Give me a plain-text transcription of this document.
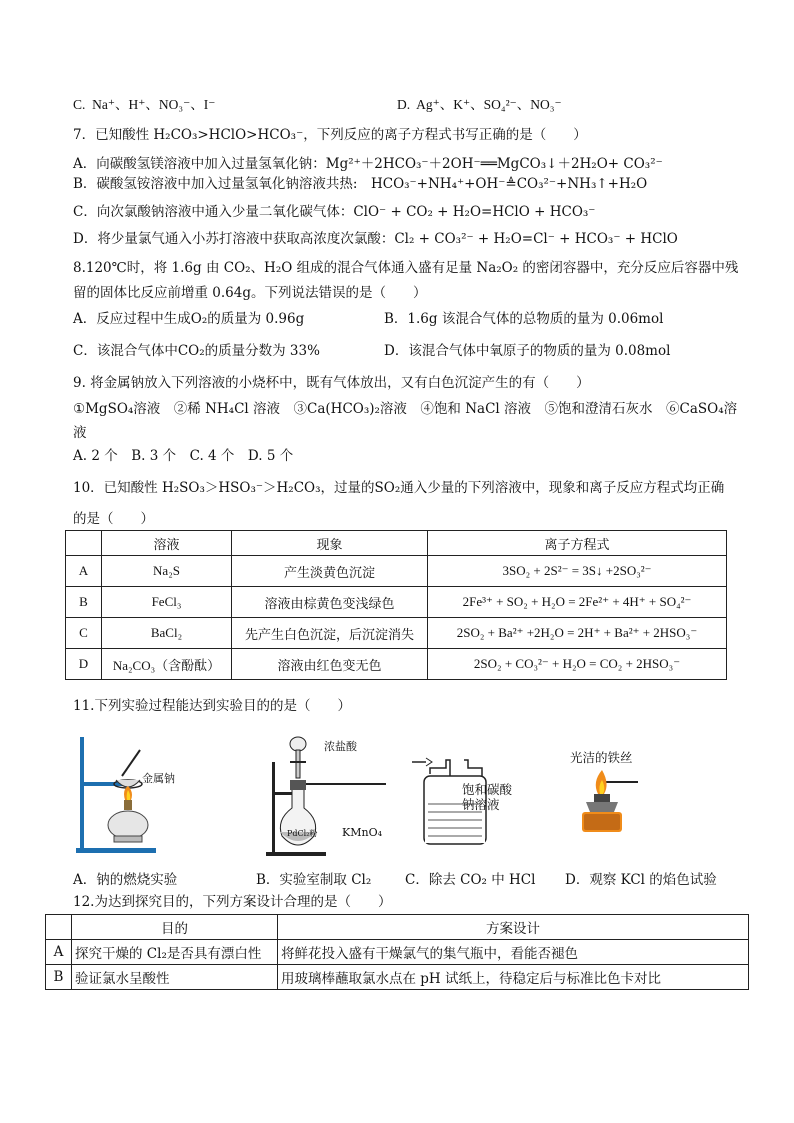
C. Na⁺、H⁺、NO₃⁻、I⁻	D. Ag⁺、K⁺、SO₄²⁻、NO₃⁻
7．已知酸性 H₂CO₃>HClO>HCO₃⁻，下列反应的离子方程式书写正确的是（　　）
A．向碳酸氢镁溶液中加入过量氢氧化钠：Mg²⁺＋2HCO₃⁻＋2OH⁻══MgCO₃↓＋2H₂O+ CO₃²⁻
B．碳酸氢铵溶液中加入过量氢氧化钠溶液共热:　HCO₃⁻+NH₄⁺+OH⁻≜CO₃²⁻+NH₃↑+H₂O
C．向次氯酸钠溶液中通入少量二氧化碳气体：ClO⁻ + CO₂ + H₂O=HClO + HCO₃⁻
D．将少量氯气通入小苏打溶液中获取高浓度次氯酸：Cl₂ + CO₃²⁻ + H₂O=Cl⁻ + HCO₃⁻ + HClO
8.120℃时，将 1.6g 由 CO₂、H₂O 组成的混合气体通入盛有足量 Na₂O₂ 的密闭容器中，充分反应后容器中残
留的固体比反应前增重 0.64g。下列说法错误的是（　　）
A．反应过程中生成O₂的质量为 0.96g	B．1.6g 该混合气体的总物质的量为 0.06mol
C．该混合气体中CO₂的质量分数为 33%	D．该混合气体中氧原子的物质的量为 0.08mol
9. 将金属钠放入下列溶液的小烧杯中，既有气体放出，又有白色沉淀产生的有（　　）
①MgSO₄溶液　②稀 NH₄Cl 溶液　③Ca(HCO₃)₂溶液　④饱和 NaCl 溶液　⑤饱和澄清石灰水　⑥CaSO₄溶
液
A. 2 个　B. 3 个　C. 4 个　D. 5 个
10．已知酸性 H₂SO₃＞HSO₃⁻＞H₂CO₃，过量的SO₂通入少量的下列溶液中，现象和离子反应方程式均正确
的是（　　）
	溶液	现象	离子方程式
A	Na₂S	产生淡黄色沉淀	3SO₂ + 2S²⁻ = 3S↓ +2SO₃²⁻
B	FeCl₃	溶液由棕黄色变浅绿色	2Fe³⁺ + SO₂ + H₂O = 2Fe²⁺ + 4H⁺ + SO₄²⁻
C	BaCl₂	先产生白色沉淀，后沉淀消失	2SO₂ + Ba²⁺ +2H₂O = 2H⁺ + Ba²⁺ + 2HSO₃⁻
D	Na₂CO₃（含酚酞）	溶液由红色变无色	2SO₂ + CO₃²⁻ + H₂O = CO₂ + 2HSO₃⁻
11.下列实验过程能达到实验目的的是（　　）
金属钠
浓盐酸
KMnO₄
PdCl₂粉
饱和碳酸
钠溶液
光洁的铁丝
A．钠的燃烧实验	B．实验室制取 Cl₂ C．除去 CO₂ 中 HCl D．观察 KCl 的焰色试验
12.为达到探究目的，下列方案设计合理的是（　　）
	目的	方案设计
A	探究干燥的 Cl₂是否具有漂白性	将鲜花投入盛有干燥氯气的集气瓶中，看能否褪色
B	验证氯水呈酸性	用玻璃棒蘸取氯水点在 pH 试纸上，待稳定后与标准比色卡对比
